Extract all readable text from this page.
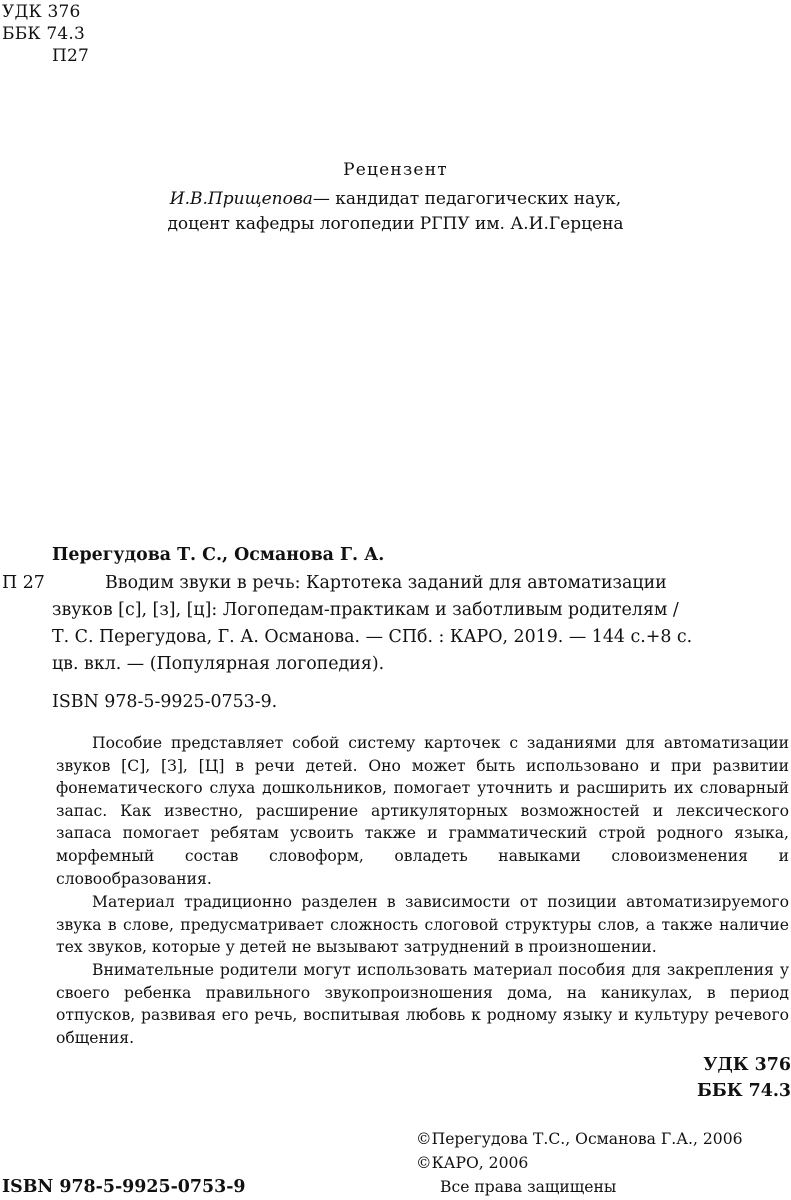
УДК 376
ББК 74.3
П27
Рецензент
И.В.Прищепова— кандидат педагогических наук,
доцент кафедры логопедии РГПУ им. А.И.Герцена
Перегудова Т. С., Османова Г. А.
П 27	Вводим звуки в речь: Картотека заданий для автоматизации
звуков [с], [з], [ц]: Логопедам-практикам и заботливым родителям /
Т. С. Перегудова, Г. А. Османова. — СПб. : КАРО, 2019. — 144 с.+8 с.
цв. вкл. — (Популярная логопедия).
ISBN 978-5-9925-0753-9.
Пособие представляет собой систему карточек с заданиями для автоматизации звуков [С], [З], [Ц] в речи детей. Оно может быть использовано и при развитии фонематического слуха дошкольников, помогает уточнить и расширить их словарный запас. Как известно, расширение артикуляторных возможностей и лексического запаса помогает ребятам усвоить также и грамматический строй родного языка, морфемный состав словоформ, овладеть навыками словоизменения и словообразования.
Материал традиционно разделен в зависимости от позиции автоматизируемого звука в слове, предусматривает сложность слоговой структуры слов, а также наличие тех звуков, которые у детей не вызывают затруднений в произношении.
Внимательные родители могут использовать материал пособия для закрепления у своего ребенка правильного звукопроизношения дома, на каникулах, в период отпусков, развивая его речь, воспитывая любовь к родному языку и культуру речевого общения.
УДК 376
ББК 74.3
©Перегудова Т.С., Османова Г.А., 2006
©КАРО, 2006
Все права защищены
ISBN 978-5-9925-0753-9
